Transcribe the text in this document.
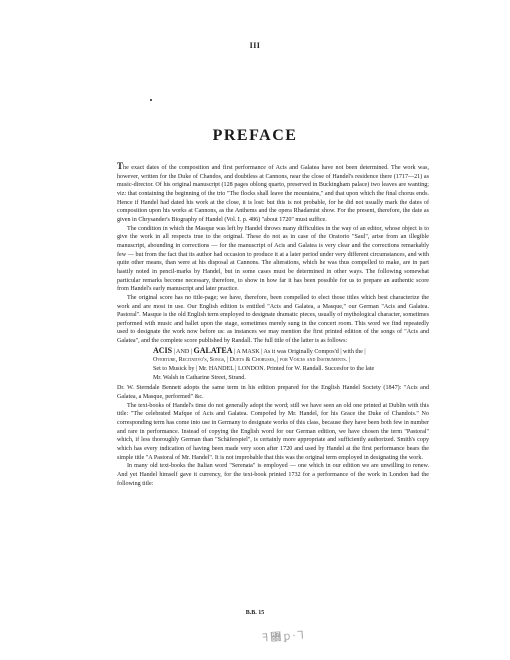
III
PREFACE

The exact dates of the composition and first performance of Acis and Galatea have not been determined. The work was, however, written for the Duke of Chandos, and doubtless at Cannons, near the close of Handel's residence there (1717—21) as music-director. Of his original manuscript (128 pages oblong quarto, preserved in Buckingham palace) two leaves are wanting; viz: that containing the beginning of the trio "The flocks shall leave the mountains," and that upon which the final chorus ends. Hence if Handel had dated his work at the close, it is lost: but this is not probable, for he did not usually mark the dates of composition upon his works at Cannons, as the Anthems and the opera Rhadamist show. For the present, therefore, the date as given in Chrysander's Biography of Handel (Vol. I. p. 486) "about 1720" must suffice.

The condition in which the Masque was left by Handel throws many difficulties in the way of an editor, whose object is to give the work in all respects true to the original. These do not as in case of the Oratorio "Saul", arise from an illegible manuscript, abounding in corrections — for the manuscript of Acis and Galatea is very clear and the corrections remarkably few — but from the fact that its author had occasion to produce it at a later period under very different circumstances, and with quite other means, than were at his disposal at Cannons. The alterations, which he was thus compelled to make, are in part hastily noted in pencil-marks by Handel, but in some cases must be determined in other ways. The following somewhat particular remarks become necessary, therefore, to show in how far it has been possible for us to prepare an authentic score from Handel's early manuscript and later practice.

The original score has no title-page; we have, therefore, been compelled to elect those titles which best characterize the work and are most in use. Our English edition is entitled "Acis and Galatea, a Masque," our German "Acis and Galatea. Pastoral". Masque is the old English term employed to designate dramatic pieces, usually of mythological character, sometimes performed with music and ballet upon the stage, sometimes merely sung in the concert room. This word we find repeatedly used to designate the work now before us: as instances we may mention the first printed edition of the songs of "Acis and Galatea", and the complete score published by Randall. The full title of the latter is as follows:

ACIS | AND | GALATEA | A MASK | As it was Originally Compos'd | with the |
Overture, Recitativo's, Songs, | Duets & Choruses, | for Voices and Instruments. |
Set to Musick by | Mr. HANDEL | LONDON. Printed for W. Randall. Succesfor to the late
Mr. Walsh in Catharine Street, Strand.

Dr. W. Sterndale Bennett adopts the same term in his edition prepared for the English Handel Society (1847): "Acis and Galatea, a Masque, performed" &c.

The text-books of Handel's time do not generally adopt the word; still we have seen an old one printed at Dublin with this title: "The celebrated Mafque of Acis and Galatea. Compofed by Mr. Handel, for his Grace the Duke of Chandois." No corresponding term has come into use in Germany to designate works of this class, because they have been both few in number and rare in performance. Instead of copying the English word for our German edition, we have chosen the term "Pastoral" which, if less thoroughly German than "Schäferspiel", is certainly more appropriate and sufficiently authorized. Smith's copy which has every indication of having been made very soon after 1720 and used by Handel at the first performance bears the simple title "A Pastoral of Mr. Handel". It is not improbable that this was the original term employed in designating the work.

In many old text-books the Italian word "Serenata" is employed — one which in our edition we are unwilling to renew. And yet Handel himself gave it currency, for the text-book printed 1732 for a performance of the work in London had the following title:

B.B. 15
ꟻ꟝ꝑ·Ꞁ
